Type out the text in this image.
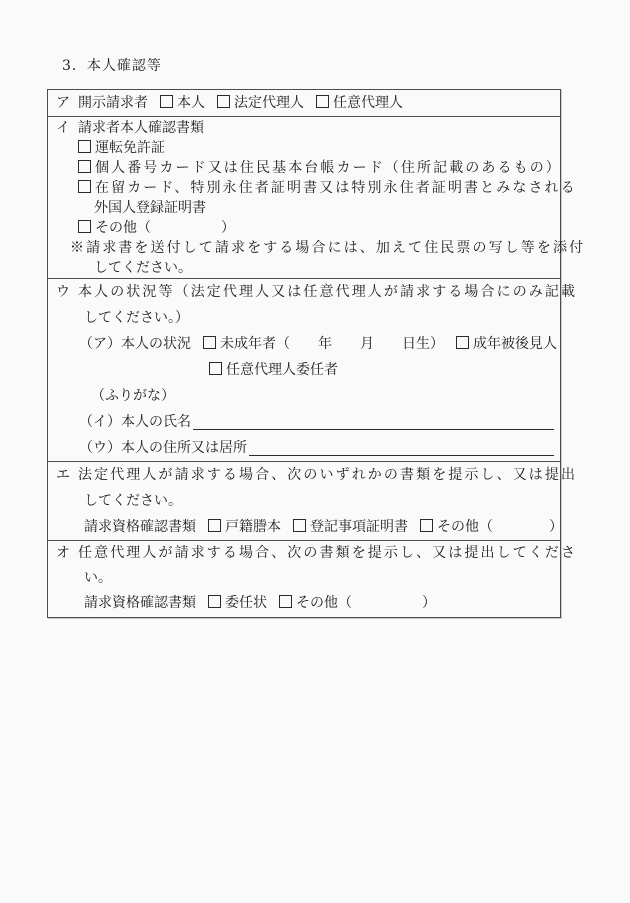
3．本人確認等
ア 開示請求者 本人 法定代理人 任意代理人
イ 請求者本人確認書類
運転免許証
個人番号カード又は住民基本台帳カード（住所記載のあるもの）
在留カード、特別永住者証明書又は特別永住者証明書とみなされる
外国人登録証明書
その他（　　　　　）
※請求書を送付して請求をする場合には、加えて住民票の写し等を添付
してください。
ウ 本人の状況等（法定代理人又は任意代理人が請求する場合にのみ記載
してください。）
（ア）本人の状況 未成年者（　　年　　月　　日生） 成年被後見人
任意代理人委任者
（ふりがな）
（イ）本人の氏名
（ウ）本人の住所又は居所
エ 法定代理人が請求する場合、次のいずれかの書類を提示し、又は提出
してください。
請求資格確認書類 戸籍謄本 登記事項証明書 その他（　　　　）
オ 任意代理人が請求する場合、次の書類を提示し、又は提出してくださ
い。
請求資格確認書類 委任状 その他（　　　　　）
